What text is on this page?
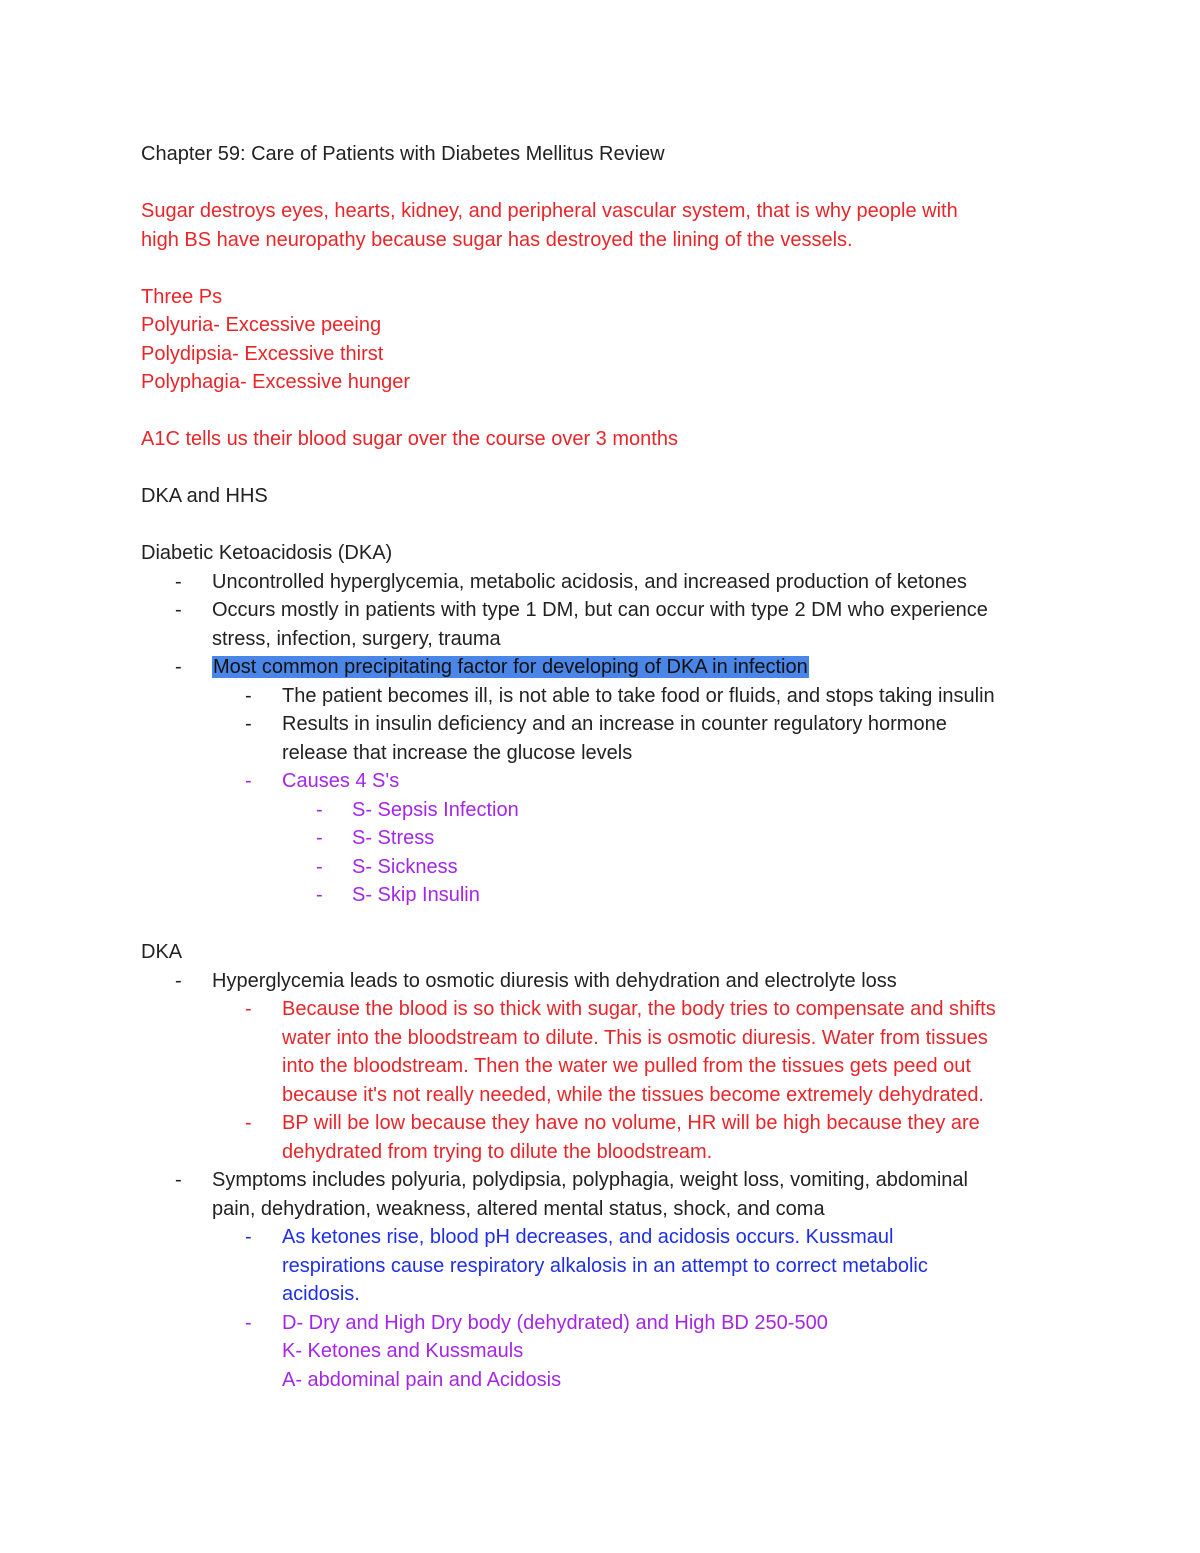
Chapter 59: Care of Patients with Diabetes Mellitus Review
Sugar destroys eyes, hearts, kidney, and peripheral vascular system, that is why people with
high BS have neuropathy because sugar has destroyed the lining of the vessels.
Three Ps
Polyuria- Excessive peeing
Polydipsia- Excessive thirst
Polyphagia- Excessive hunger
A1C tells us their blood sugar over the course over 3 months
DKA and HHS
Diabetic Ketoacidosis (DKA)
- Uncontrolled hyperglycemia, metabolic acidosis, and increased production of ketones
- Occurs mostly in patients with type 1 DM, but can occur with type 2 DM who experience
stress, infection, surgery, trauma
- Most common precipitating factor for developing of DKA in infection
- The patient becomes ill, is not able to take food or fluids, and stops taking insulin
- Results in insulin deficiency and an increase in counter regulatory hormone
release that increase the glucose levels
- Causes 4 S's
- S- Sepsis Infection
- S- Stress
- S- Sickness
- S- Skip Insulin
DKA
- Hyperglycemia leads to osmotic diuresis with dehydration and electrolyte loss
- Because the blood is so thick with sugar, the body tries to compensate and shifts
water into the bloodstream to dilute. This is osmotic diuresis. Water from tissues
into the bloodstream. Then the water we pulled from the tissues gets peed out
because it's not really needed, while the tissues become extremely dehydrated.
- BP will be low because they have no volume, HR will be high because they are
dehydrated from trying to dilute the bloodstream.
- Symptoms includes polyuria, polydipsia, polyphagia, weight loss, vomiting, abdominal
pain, dehydration, weakness, altered mental status, shock, and coma
- As ketones rise, blood pH decreases, and acidosis occurs. Kussmaul
respirations cause respiratory alkalosis in an attempt to correct metabolic
acidosis.
- D- Dry and High Dry body (dehydrated) and High BD 250-500
K- Ketones and Kussmauls
A- abdominal pain and Acidosis
